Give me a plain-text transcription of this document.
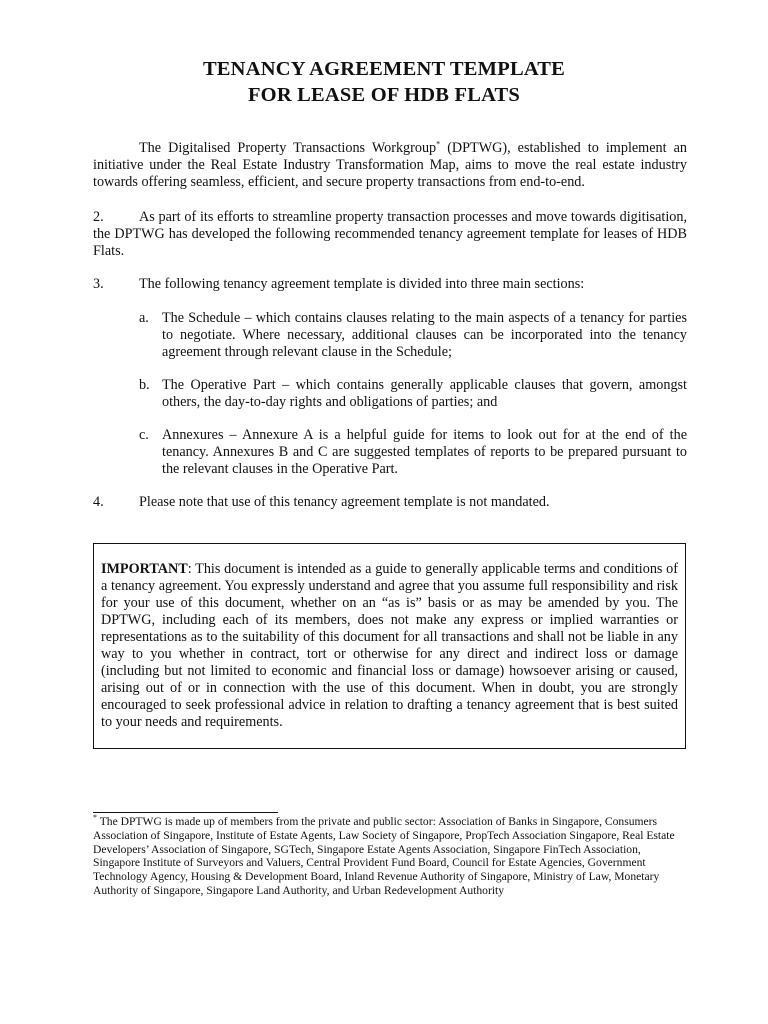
TENANCY AGREEMENT TEMPLATE
FOR LEASE OF HDB FLATS

The Digitalised Property Transactions Workgroup* (DPTWG), established to implement an initiative under the Real Estate Industry Transformation Map, aims to move the real estate industry towards offering seamless, efficient, and secure property transactions from end-to-end.

2.	As part of its efforts to streamline property transaction processes and move towards digitisation, the DPTWG has developed the following recommended tenancy agreement template for leases of HDB Flats.

3. The following tenancy agreement template is divided into three main sections:

a. The Schedule – which contains clauses relating to the main aspects of a tenancy for parties to negotiate. Where necessary, additional clauses can be incorporated into the tenancy agreement through relevant clause in the Schedule;

b. The Operative Part – which contains generally applicable clauses that govern, amongst others, the day-to-day rights and obligations of parties; and

c. Annexures – Annexure A is a helpful guide for items to look out for at the end of the tenancy. Annexures B and C are suggested templates of reports to be prepared pursuant to the relevant clauses in the Operative Part.

4. Please note that use of this tenancy agreement template is not mandated.

IMPORTANT: This document is intended as a guide to generally applicable terms and conditions of a tenancy agreement. You expressly understand and agree that you assume full responsibility and risk for your use of this document, whether on an “as is” basis or as may be amended by you. The DPTWG, including each of its members, does not make any express or implied warranties or representations as to the suitability of this document for all transactions and shall not be liable in any way to you whether in contract, tort or otherwise for any direct and indirect loss or damage (including but not limited to economic and financial loss or damage) howsoever arising or caused, arising out of or in connection with the use of this document. When in doubt, you are strongly encouraged to seek professional advice in relation to drafting a tenancy agreement that is best suited to your needs and requirements.

* The DPTWG is made up of members from the private and public sector: Association of Banks in Singapore, Consumers Association of Singapore, Institute of Estate Agents, Law Society of Singapore, PropTech Association Singapore, Real Estate Developers’ Association of Singapore, SGTech, Singapore Estate Agents Association, Singapore FinTech Association, Singapore Institute of Surveyors and Valuers, Central Provident Fund Board, Council for Estate Agencies, Government Technology Agency, Housing & Development Board, Inland Revenue Authority of Singapore, Ministry of Law, Monetary Authority of Singapore, Singapore Land Authority, and Urban Redevelopment Authority
